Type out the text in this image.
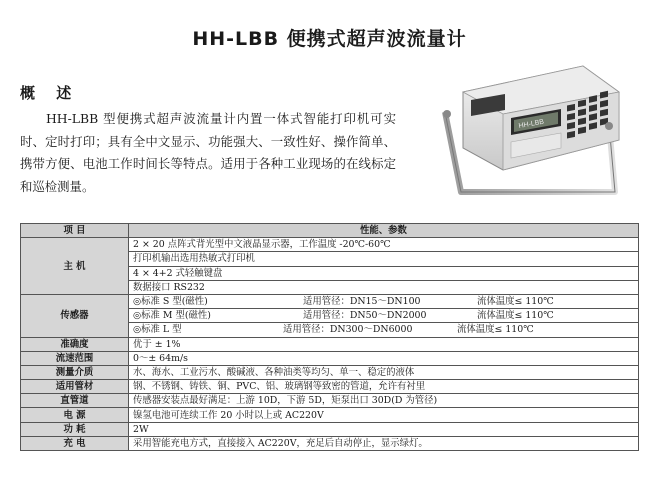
HH-LBB 便携式超声波流量计
概 述
HH-LBB 型便携式超声波流量计内置一体式智能打印机可实时、定时打印；具有全中文显示、功能强大、一致性好、操作简单、携带方便、电池工作时间长等特点。适用于各种工业现场的在线标定和巡检测量。
HH-LBB
项 目	性能、参数
主 机	2 × 20 点阵式背光型中文液晶显示器，工作温度 -20℃-60℃
	打印机输出选用热敏式打印机
	4 × 4+2 式轻触键盘
	数据接口 RS232
传感器	◎标准 S 型(磁性) 适用管径：DN15～DN100 流体温度≤ 110℃

	◎标准 M 型(磁性) 适用管径：DN50～DN2000 流体温度≤ 110℃

	◎标准 L 型 适用管径：DN300～DN6000 流体温度≤ 110℃

准确度	优于 ± 1%
流速范围	0～± 64m/s
测量介质	水、海水、工业污水、酸碱液、各种油类等均匀、单一、稳定的液体
适用管材	钢、不锈钢、铸铁、铜、PVC、铝、玻璃钢等致密的管道，允许有衬里
直管道	传感器安装点最好满足：上游 10D，下游 5D，矩泵出口 30D(D 为管径)
电 源	镍氢电池可连续工作 20 小时以上或 AC220V
功 耗	2W
充 电	采用智能充电方式，直接接入 AC220V，充足后自动停止，显示绿灯。
